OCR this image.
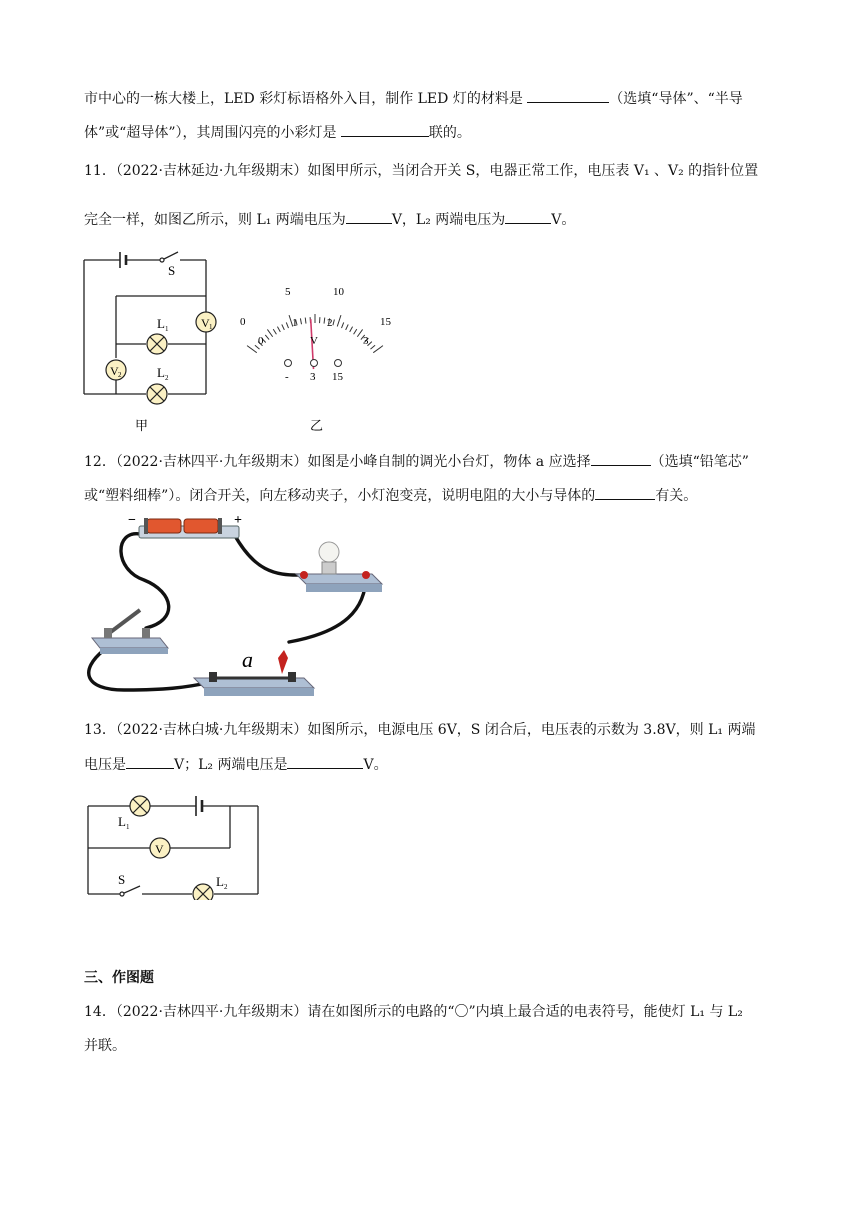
市中心的一栋大楼上，LED 彩灯标语格外入目，制作 LED 灯的材料是	（选填“导体”、“半导
体”或“超导体”），其周围闪亮的小彩灯是	联的。
11．（2022·吉林延边·九年级期末）如图甲所示，当闭合开关 S，电器正常工作，电压表 V₁ 、V₂ 的指针位置
完全一样，如图乙所示，则 L₁ 两端电压为	V，L₂ 两端电压为	V。
V 1
V 2
S
L 1
L 2
甲
0
5	10
15
0
1	2
3
V
- 3 15
乙
12．（2022·吉林四平·九年级期末）如图是小峰自制的调光小台灯，物体 a 应选择	（选填“铅笔芯”
或“塑料细棒”）。闭合开关，向左移动夹子，小灯泡变亮，说明电阻的大小与导体的	有关。
−	+
a
13．（2022·吉林白城·九年级期末）如图所示，电源电压 6V，S 闭合后，电压表的示数为 3.8V，则 L₁ 两端
电压是	V；L₂ 两端电压是	V。
V
L 1
S	L 2
三、作图题
14．（2022·吉林四平·九年级期末）请在如图所示的电路的“〇”内填上最合适的电表符号，能使灯 L₁ 与 L₂
并联。
